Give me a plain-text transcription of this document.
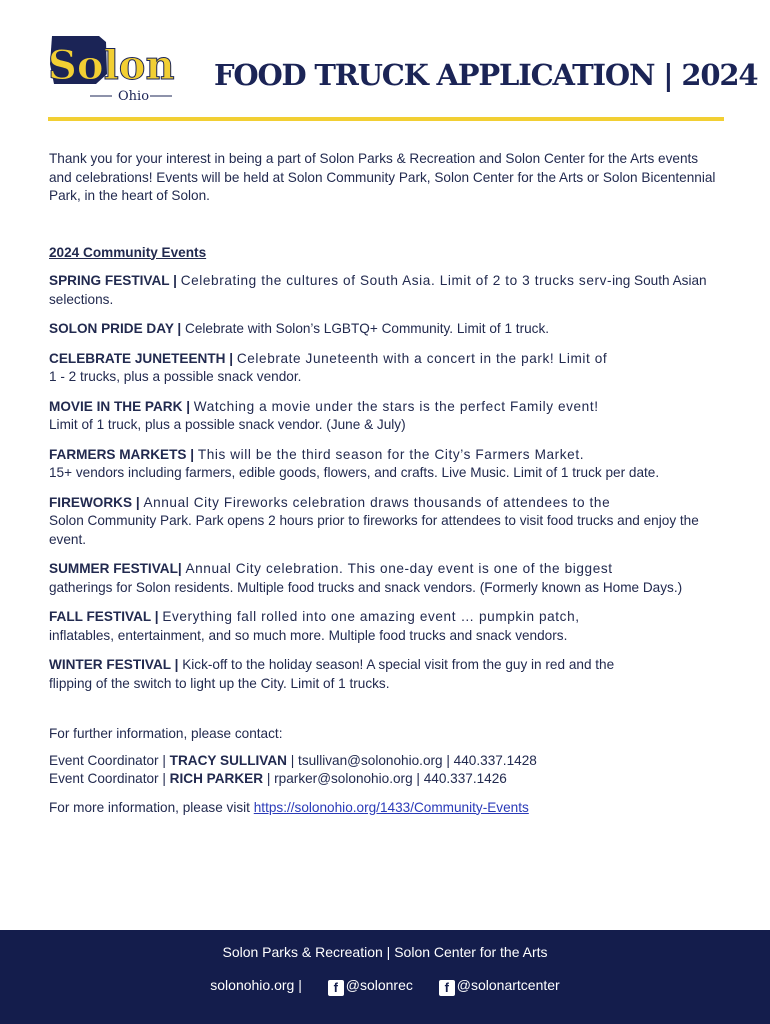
Solon
Ohio
FOOD TRUCK APPLICATION | 2024

Thank you for your interest in being a part of Solon Parks & Recreation and Solon Center for the Arts events and celebrations! Events will be held at Solon Community Park, Solon Center for the Arts or Solon Bicentennial Park, in the heart of Solon.

2024 Community Events

SPRING FESTIVAL | Celebrating the cultures of South Asia. Limit of 2 to 3 trucks serv-ing South Asian selections.

SOLON PRIDE DAY | Celebrate with Solon’s LGBTQ+ Community. Limit of 1 truck.

CELEBRATE JUNETEENTH | Celebrate Juneteenth with a concert in the park! Limit of
1 - 2 trucks, plus a possible snack vendor.

MOVIE IN THE PARK | Watching a movie under the stars is the perfect Family event!
Limit of 1 truck, plus a possible snack vendor. (June & July)

FARMERS MARKETS | This will be the third season for the City’s Farmers Market.
15+ vendors including farmers, edible goods, flowers, and crafts. Live Music. Limit of 1 truck per date.

FIREWORKS | Annual City Fireworks celebration draws thousands of attendees to the
Solon Community Park. Park opens 2 hours prior to fireworks for attendees to visit food trucks and enjoy the event.

SUMMER FESTIVAL| Annual City celebration. This one-day event is one of the biggest
gatherings for Solon residents. Multiple food trucks and snack vendors. (Formerly known as Home Days.)

FALL FESTIVAL | Everything fall rolled into one amazing event … pumpkin patch,
inflatables, entertainment, and so much more. Multiple food trucks and snack vendors.

WINTER FESTIVAL | Kick-off to the holiday season! A special visit from the guy in red and the
flipping of the switch to light up the City. Limit of 1 trucks.

For further information, please contact:

Event Coordinator | TRACY SULLIVAN | tsullivan@solonohio.org | 440.337.1428

Event Coordinator | RICH PARKER | rparker@solonohio.org | 440.337.1426

For more information, please visit https://solonohio.org/1433/Community-Events

Solon Parks & Recreation | Solon Center for the Arts
solonohio.org | f @solonrec f @solonartcenter
